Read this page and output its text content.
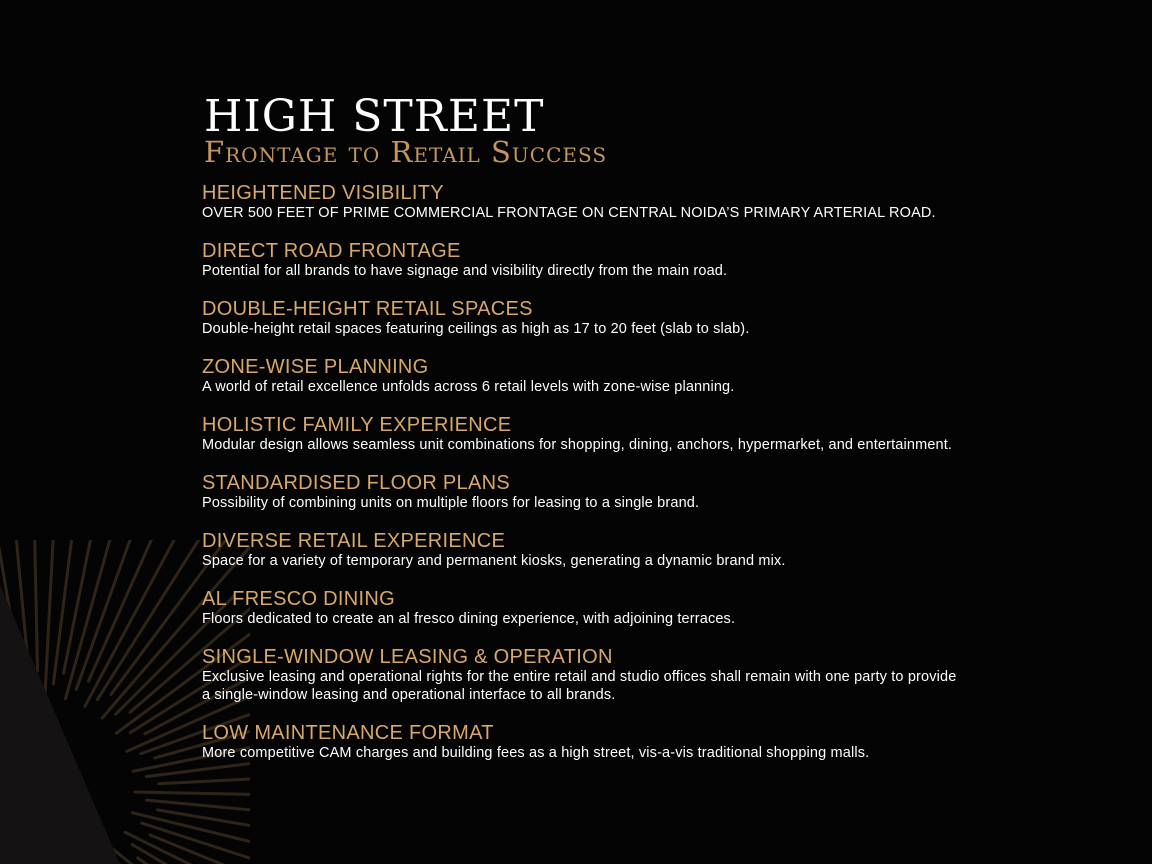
HIGH STREET
Frontage to Retail Success
HEIGHTENED VISIBILITY
OVER 500 FEET OF PRIME COMMERCIAL FRONTAGE ON CENTRAL NOIDA’S PRIMARY ARTERIAL ROAD.
DIRECT ROAD FRONTAGE
Potential for all brands to have signage and visibility directly from the main road.
DOUBLE-HEIGHT RETAIL SPACES
Double-height retail spaces featuring ceilings as high as 17 to 20 feet (slab to slab).
ZONE-WISE PLANNING
A world of retail excellence unfolds across 6 retail levels with zone-wise planning.
HOLISTIC FAMILY EXPERIENCE
Modular design allows seamless unit combinations for shopping, dining, anchors, hypermarket, and entertainment.
STANDARDISED FLOOR PLANS
Possibility of combining units on multiple floors for leasing to a single brand.
DIVERSE RETAIL EXPERIENCE
Space for a variety of temporary and permanent kiosks, generating a dynamic brand mix.
AL FRESCO DINING
Floors dedicated to create an al fresco dining experience, with adjoining terraces.
SINGLE-WINDOW LEASING & OPERATION
Exclusive leasing and operational rights for the entire retail and studio offices shall remain with one party to provide a single-window leasing and operational interface to all brands.
LOW MAINTENANCE FORMAT
More competitive CAM charges and building fees as a high street, vis-a-vis traditional shopping malls.
